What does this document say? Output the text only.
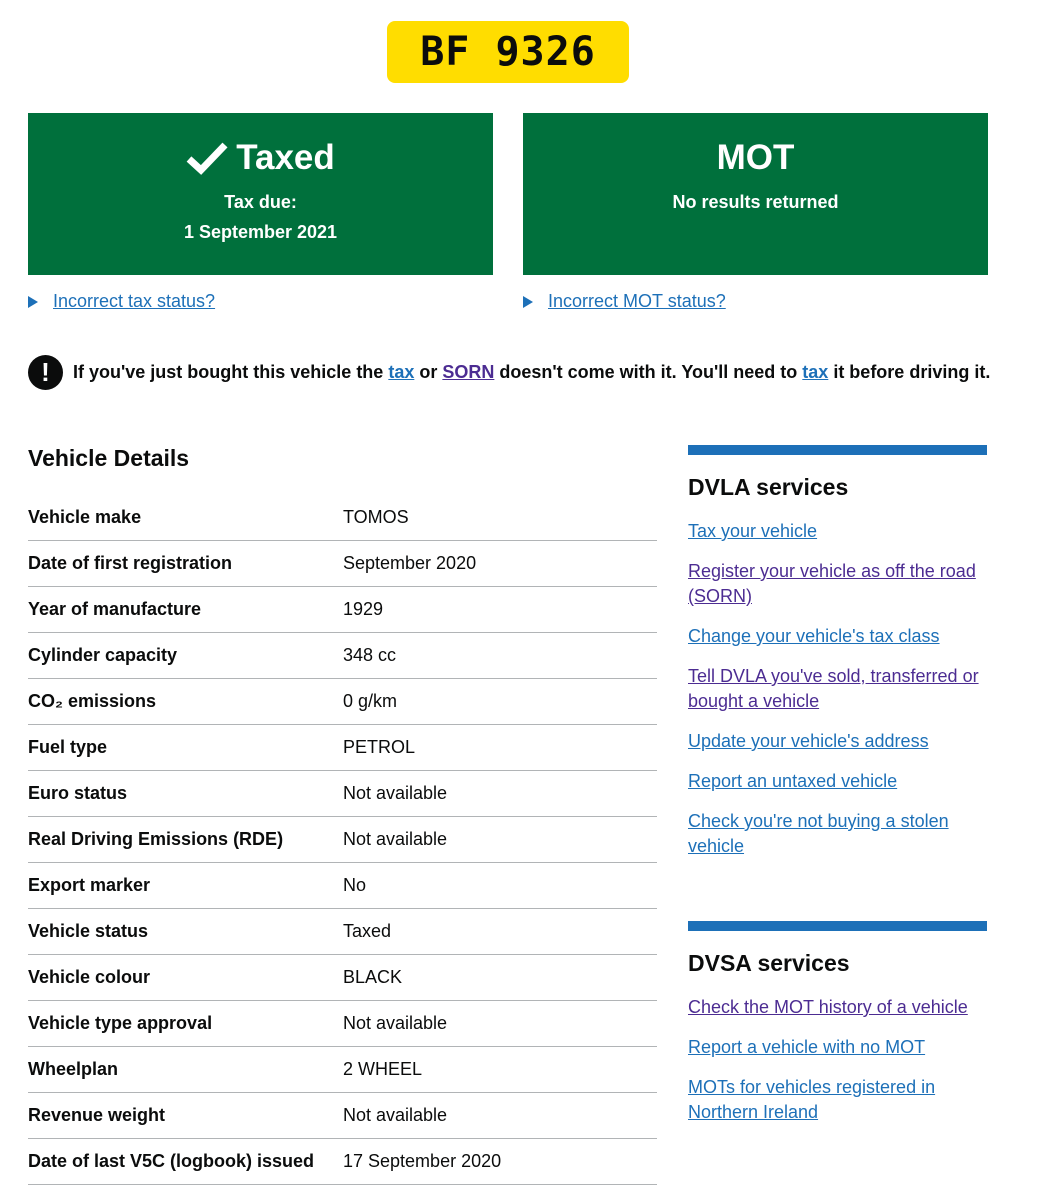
BF 9326
Taxed
Tax due:
1 September 2021
MOT
No results returned
Incorrect tax status?	Incorrect MOT status?
!	If you've just bought this vehicle the tax or SORN doesn't come with it. You'll need to tax it before driving it.
Vehicle Details
Vehicle make	TOMOS
Date of first registration	September 2020
Year of manufacture	1929
Cylinder capacity	348 cc
CO₂ emissions	0 g/km
Fuel type	PETROL
Euro status	Not available
Real Driving Emissions (RDE)	Not available
Export marker	No
Vehicle status	Taxed
Vehicle colour	BLACK
Vehicle type approval	Not available
Wheelplan	2 WHEEL
Revenue weight	Not available
Date of last V5C (logbook) issued	17 September 2020
DVLA services
Tax your vehicle
Register your vehicle as off the road (SORN)
Change your vehicle's tax class
Tell DVLA you've sold, transferred or bought a vehicle
Update your vehicle's address
Report an untaxed vehicle
Check you're not buying a stolen vehicle
DVSA services
Check the MOT history of a vehicle
Report a vehicle with no MOT
MOTs for vehicles registered in Northern Ireland
